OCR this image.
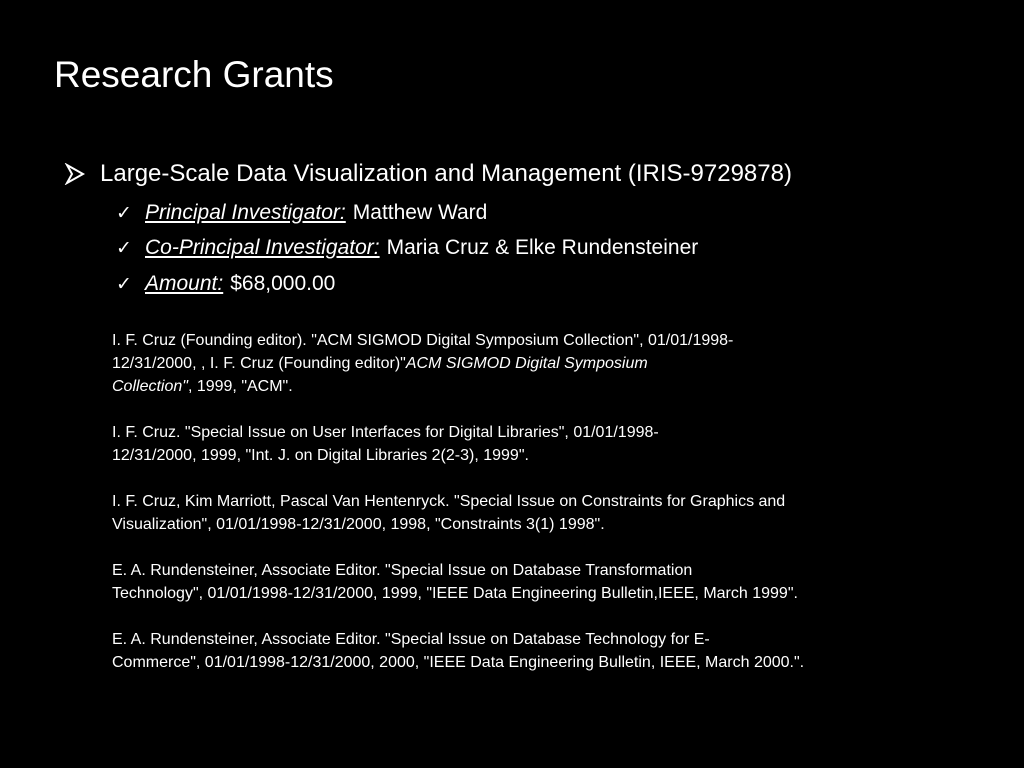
Research Grants
Large-Scale Data Visualization and Management (IRIS-9729878)
✓ Principal Investigator: Matthew Ward
✓ Co-Principal Investigator: Maria Cruz & Elke Rundensteiner
✓ Amount: $68,000.00

I. F. Cruz (Founding editor). "ACM SIGMOD Digital Symposium Collection", 01/01/1998-

12/31/2000, , I. F. Cruz (Founding editor)"ACM SIGMOD Digital Symposium

Collection", 1999, "ACM".

I. F. Cruz. "Special Issue on User Interfaces for Digital Libraries", 01/01/1998-

12/31/2000, 1999, "Int. J. on Digital Libraries 2(2-3), 1999".

I. F. Cruz, Kim Marriott, Pascal Van Hentenryck. "Special Issue on Constraints for Graphics and

Visualization", 01/01/1998-12/31/2000, 1998, "Constraints 3(1) 1998".

E. A. Rundensteiner, Associate Editor. "Special Issue on Database Transformation

Technology", 01/01/1998-12/31/2000, 1999, "IEEE Data Engineering Bulletin,IEEE, March 1999".

E. A. Rundensteiner, Associate Editor. "Special Issue on Database Technology for E-

Commerce", 01/01/1998-12/31/2000, 2000, "IEEE Data Engineering Bulletin, IEEE, March 2000.".
